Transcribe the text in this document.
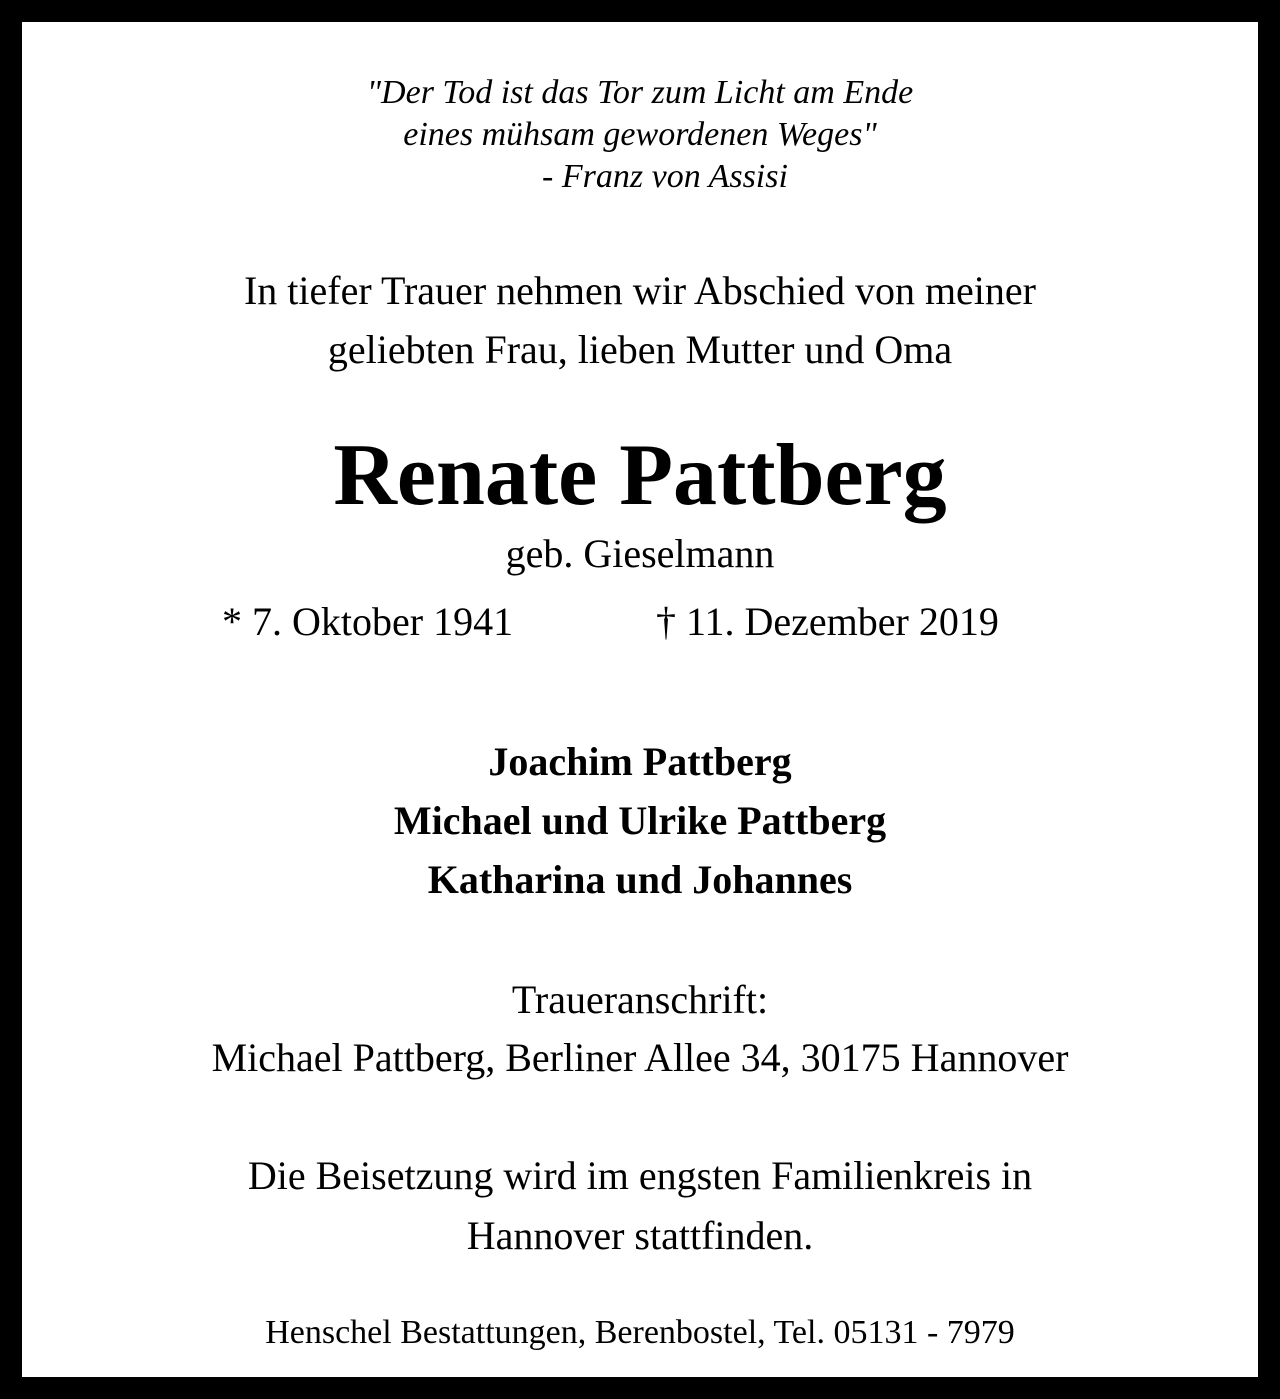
"Der Tod ist das Tor zum Licht am Ende

eines mühsam gewordenen Weges"

- Franz von Assisi

In tiefer Trauer nehmen wir Abschied von meiner

geliebten Frau, lieben Mutter und Oma

Renate Pattberg

geb. Gieselmann

* 7. Oktober 1941	† 11. Dezember 2019

Joachim Pattberg

Michael und Ulrike Pattberg

Katharina und Johannes

Traueranschrift:

Michael Pattberg, Berliner Allee 34, 30175 Hannover

Die Beisetzung wird im engsten Familienkreis in

Hannover stattfinden.

Henschel Bestattungen, Berenbostel, Tel. 05131 - 7979
